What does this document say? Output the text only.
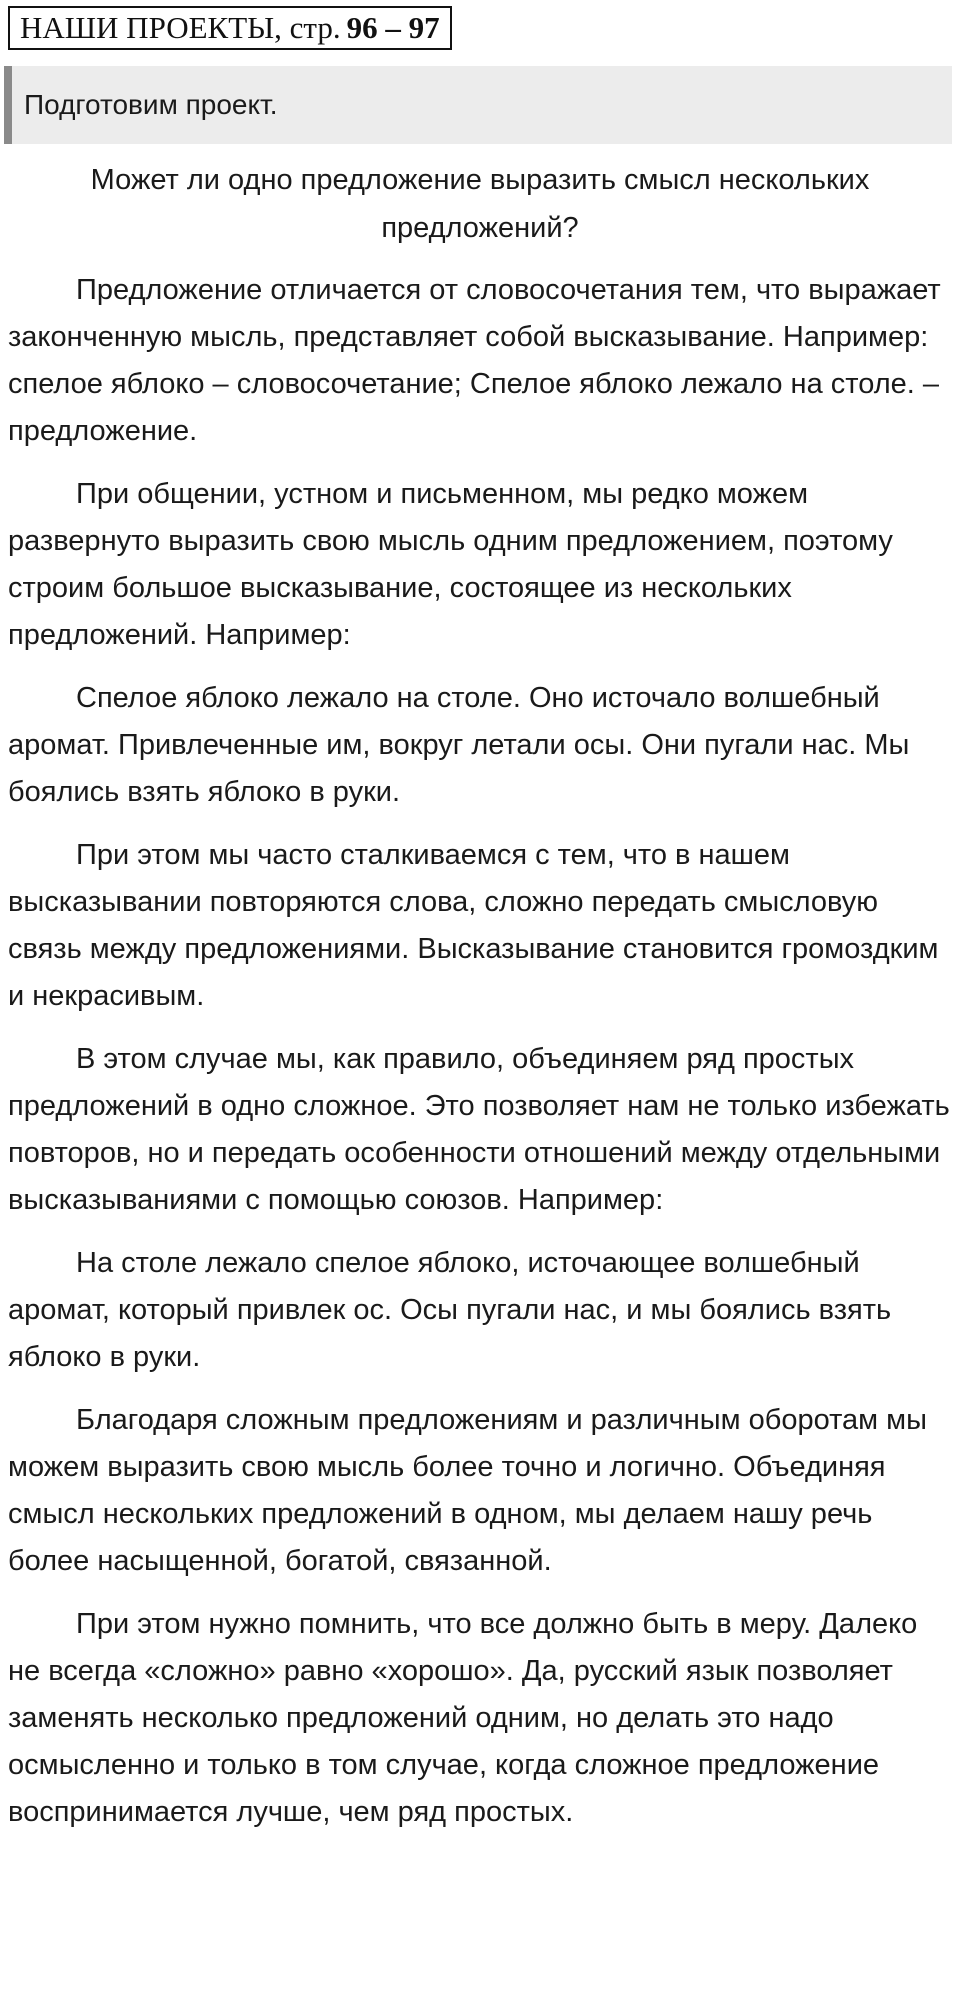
НАШИ ПРОЕКТЫ, стр. 96 – 97
Подготовим проект.
Может ли одно предложение выразить смысл нескольких предложений?

Предложение отличается от словосочетания тем, что выражает законченную мысль, представляет собой высказывание. Например: спелое яблоко – словосочетание; Спелое яблоко лежало на столе. – предложение.

При общении, устном и письменном, мы редко можем развернуто выразить свою мысль одним предложением, поэтому строим большое высказывание, состоящее из нескольких предложений. Например:

Спелое яблоко лежало на столе. Оно источало волшебный аромат. Привлеченные им, вокруг летали осы. Они пугали нас. Мы боялись взять яблоко в руки.

При этом мы часто сталкиваемся с тем, что в нашем высказывании повторяются слова, сложно передать смысловую связь между предложениями. Высказывание становится громоздким и некрасивым.

В этом случае мы, как правило, объединяем ряд простых предложений в одно сложное. Это позволяет нам не только избежать повторов, но и передать особенности отношений между отдельными высказываниями с помощью союзов. Например:

На столе лежало спелое яблоко, источающее волшебный аромат, который привлек ос. Осы пугали нас, и мы боялись взять яблоко в руки.

Благодаря сложным предложениям и различным оборотам мы можем выразить свою мысль более точно и логично. Объединяя смысл нескольких предложений в одном, мы делаем нашу речь более насыщенной, богатой, связанной.

При этом нужно помнить, что все должно быть в меру. Далеко не всегда «сложно» равно «хорошо». Да, русский язык позволяет заменять несколько предложений одним, но делать это надо осмысленно и только в том случае, когда сложное предложение воспринимается лучше, чем ряд простых.
